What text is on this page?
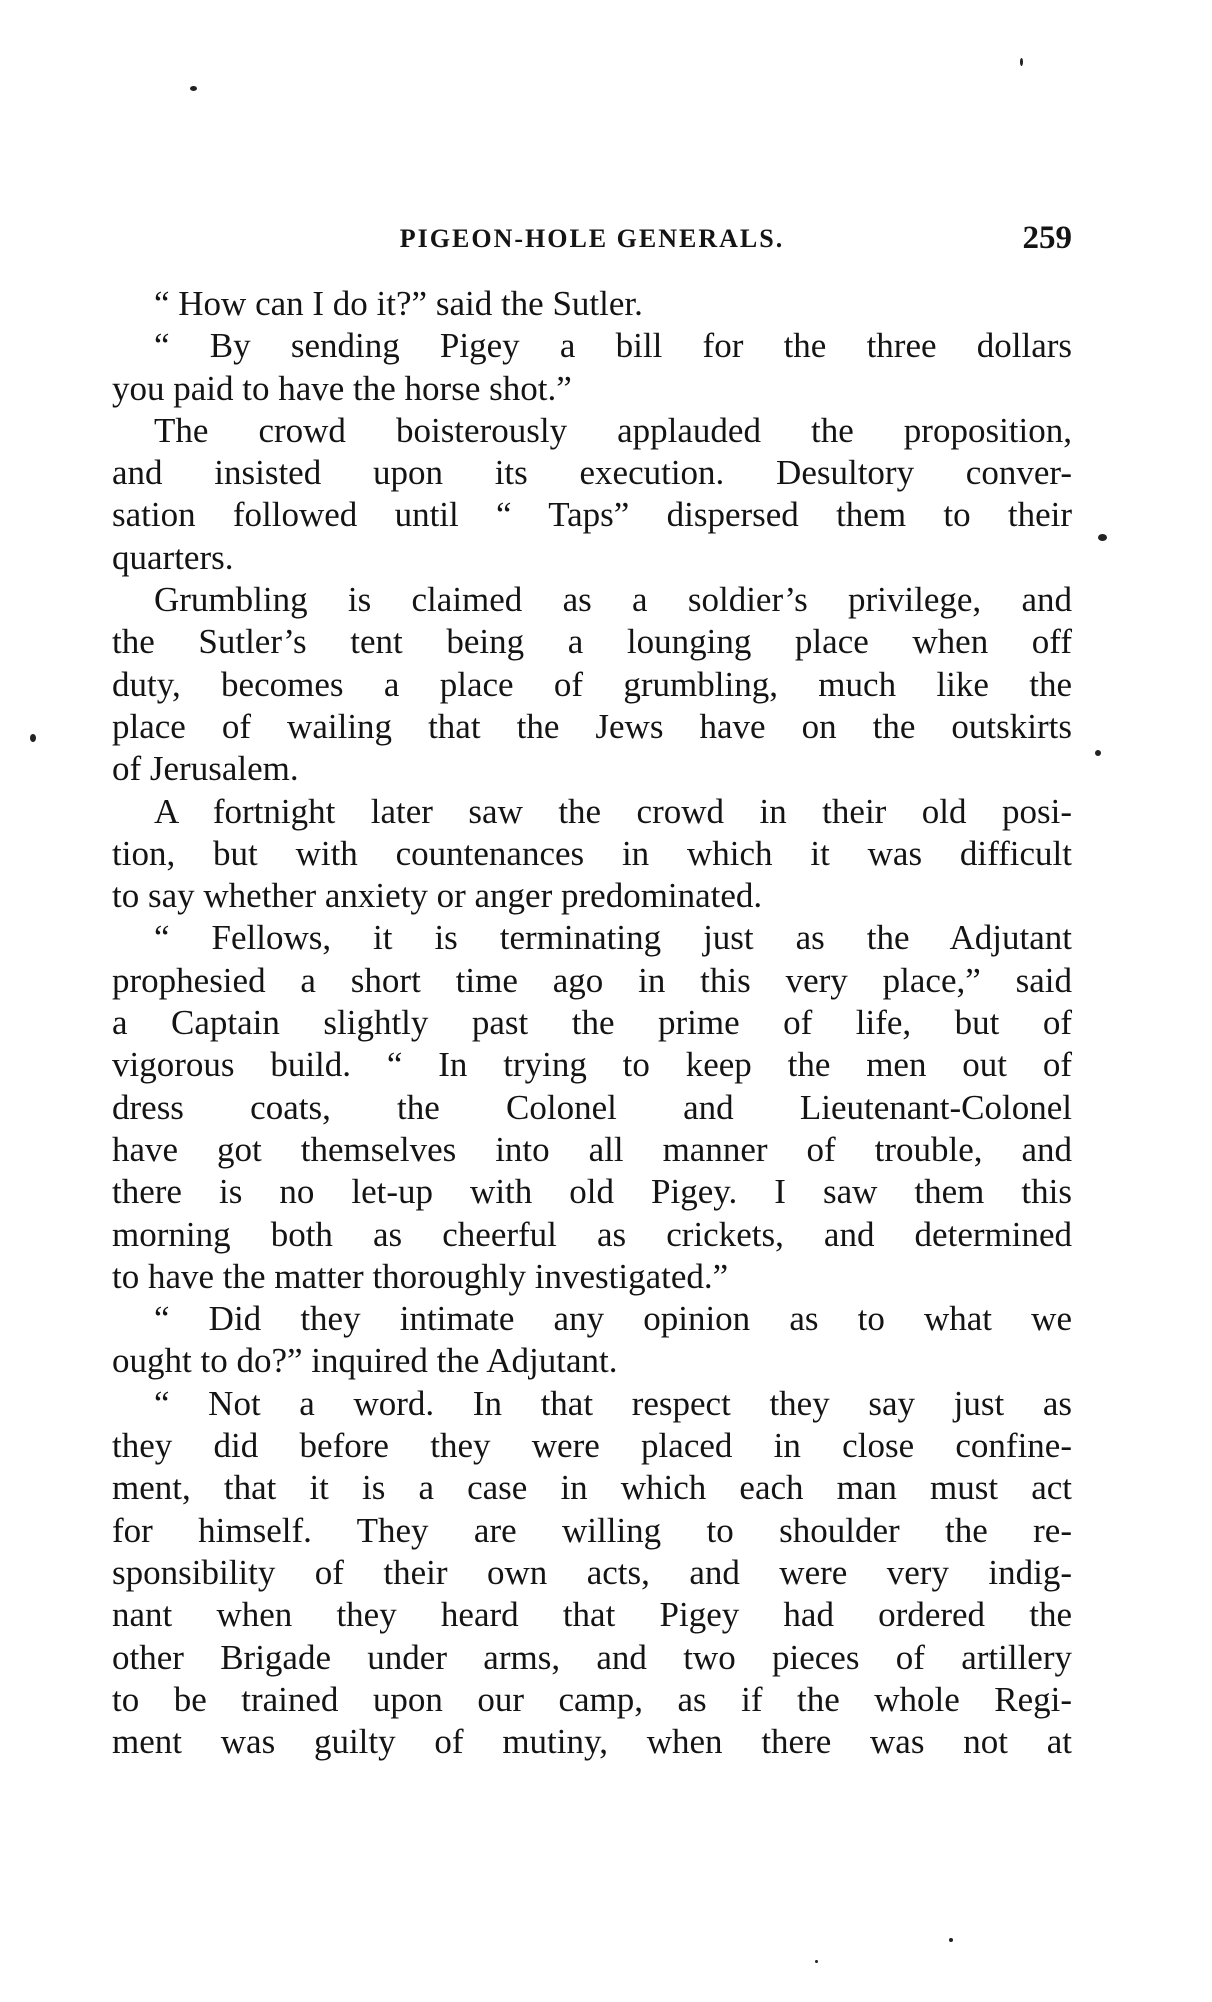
PIGEON-HOLE GENERALS.	259
“ How can I do it?” said the Sutler.
“ By sending Pigey a bill for the three dollars
you paid to have the horse shot.”
The crowd boisterously applauded the proposition,
and insisted upon its execution. Desultory conver-
sation followed until “ Taps” dispersed them to their
quarters.
Grumbling is claimed as a soldier’s privilege, and
the Sutler’s tent being a lounging place when off
duty, becomes a place of grumbling, much like the
place of wailing that the Jews have on the outskirts
of Jerusalem.
A fortnight later saw the crowd in their old posi-
tion, but with countenances in which it was difficult
to say whether anxiety or anger predominated.
“ Fellows, it is terminating just as the Adjutant
prophesied a short time ago in this very place,” said
a Captain slightly past the prime of life, but of
vigorous build. “ In trying to keep the men out of
dress coats, the Colonel and Lieutenant-Colonel
have got themselves into all manner of trouble, and
there is no let-up with old Pigey. I saw them this
morning both as cheerful as crickets, and determined
to have the matter thoroughly investigated.”
“ Did they intimate any opinion as to what we
ought to do?” inquired the Adjutant.
“ Not a word. In that respect they say just as
they did before they were placed in close confine-
ment, that it is a case in which each man must act
for himself. They are willing to shoulder the re-
sponsibility of their own acts, and were very indig-
nant when they heard that Pigey had ordered the
other Brigade under arms, and two pieces of artillery
to be trained upon our camp, as if the whole Regi-
ment was guilty of mutiny, when there was not at
